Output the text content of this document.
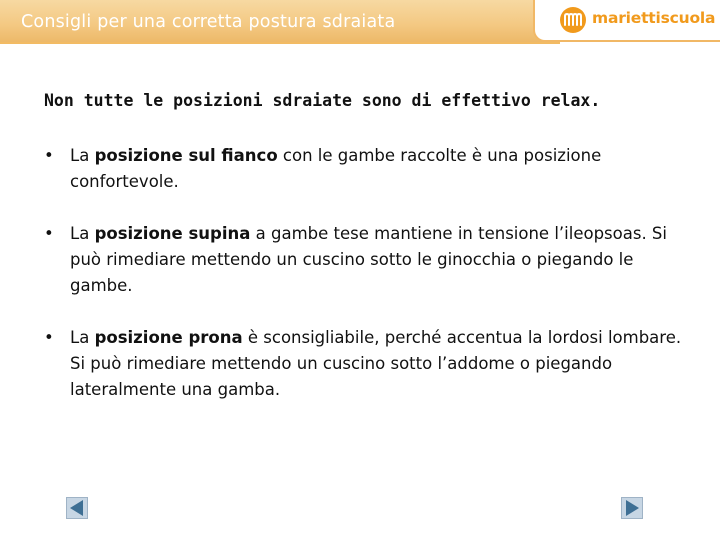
Consigli per una corretta postura sdraiata	mariettiscuola
Non tutte le posizioni sdraiate sono di effettivo relax.
• La posizione sul fianco con le gambe raccolte è una posizione confortevole.
• La posizione supina a gambe tese mantiene in tensione l’ileopsoas. Si può rimediare mettendo un cuscino sotto le ginocchia o piegando le gambe.
• La posizione prona è sconsigliabile, perché accentua la lordosi lombare. Si può rimediare mettendo un cuscino sotto l’addome o piegando lateralmente una gamba.
